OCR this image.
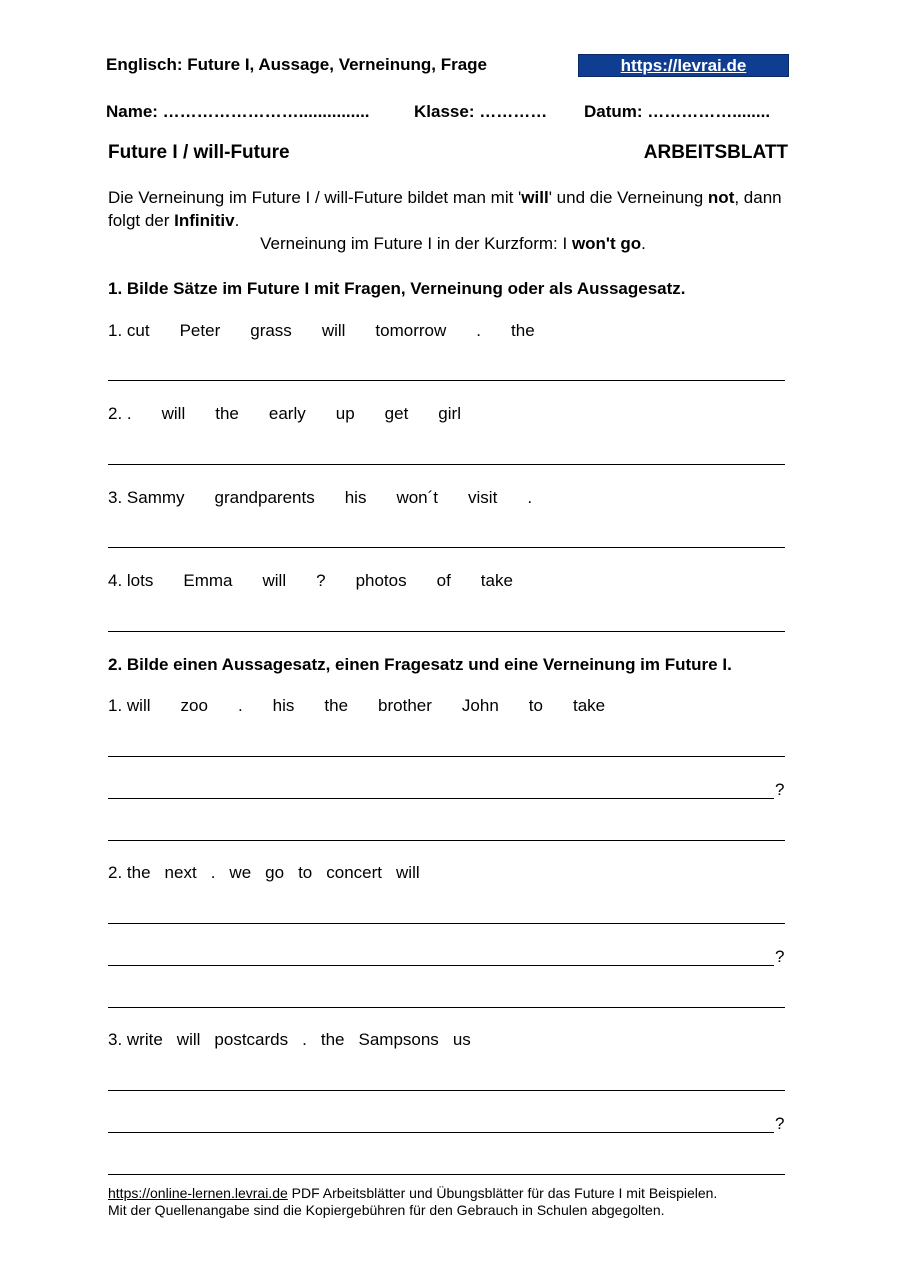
Englisch: Future I, Aussage, Verneinung, Frage	https://levrai.de
Name: ……………………...............	Klasse: ………… Datum: ……………........
Future I / will-Future	ARBEITSBLATT
Die Verneinung im Future I / will-Future bildet man mit 'will' und die Verneinung not, dann folgt der Infinitiv.
Verneinung im Future I in der Kurzform: I won't go.
1. Bilde Sätze im Future I mit Fragen, Verneinung oder als Aussagesatz.
1. cut Peter grass will tomorrow . the
2. . will the early up get girl
3. Sammy grandparents his won´t visit .
4. lots Emma will ? photos of take
2. Bilde einen Aussagesatz, einen Fragesatz und eine Verneinung im Future I.
1. will zoo . his the brother John to take
?
2. the next . we go to concert will
?
3. write will postcards . the Sampsons us
?
https://online-lernen.levrai.de PDF Arbeitsblätter und Übungsblätter für das Future I mit Beispielen.
Mit der Quellenangabe sind die Kopiergebühren für den Gebrauch in Schulen abgegolten.
